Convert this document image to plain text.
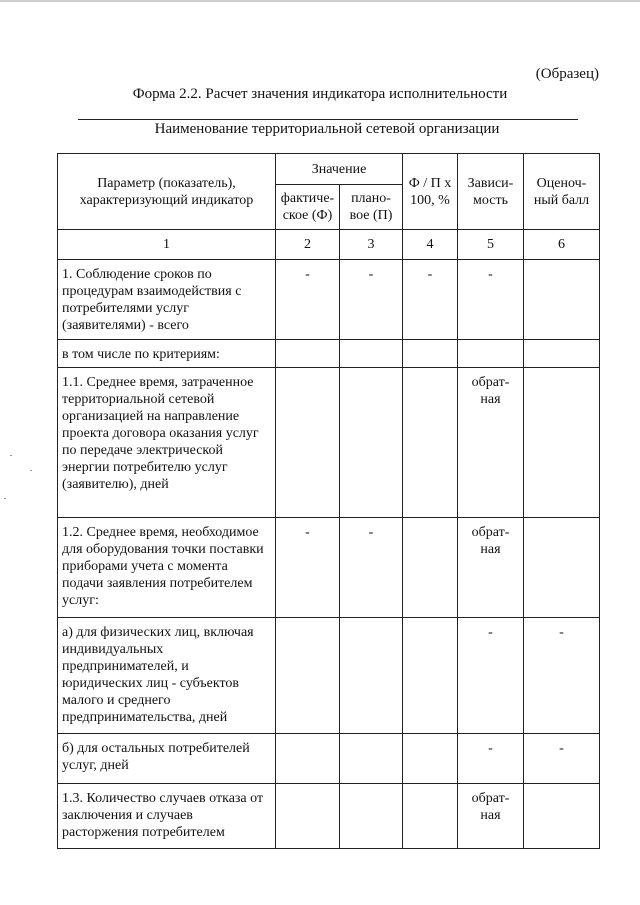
(Образец)
Форма 2.2. Расчет значения индикатора исполнительности
Наименование территориальной сетевой организации
Параметр (показатель), характеризующий индикатор	Значение		Ф / П х 100, %	Зависи-мость	Оценоч-ный балл
	фактиче-ское (Ф)	плано-вое (П)			
1	2	3	4	5	6
1. Соблюдение сроков по процедурам взаимодействия с потребителями услуг (заявителями) - всего	-	-	-	-	
в том числе по критериям:					
1.1. Среднее время, затраченное территориальной сетевой организацией на направление проекта договора оказания услуг по передаче электрической энергии потребителю услуг (заявителю), дней				обрат-ная	
1.2. Среднее время, необходимое для оборудования точки поставки приборами учета с момента подачи заявления потребителем услуг:	-	-		обрат-ная	
а) для физических лиц, включая индивидуальных предпринимателей, и юридических лиц - субъектов малого и среднего предпринимательства, дней				-	-
б) для остальных потребителей услуг, дней				-	-
1.3. Количество случаев отказа от заключения и случаев расторжения потребителем				обрат-ная	
